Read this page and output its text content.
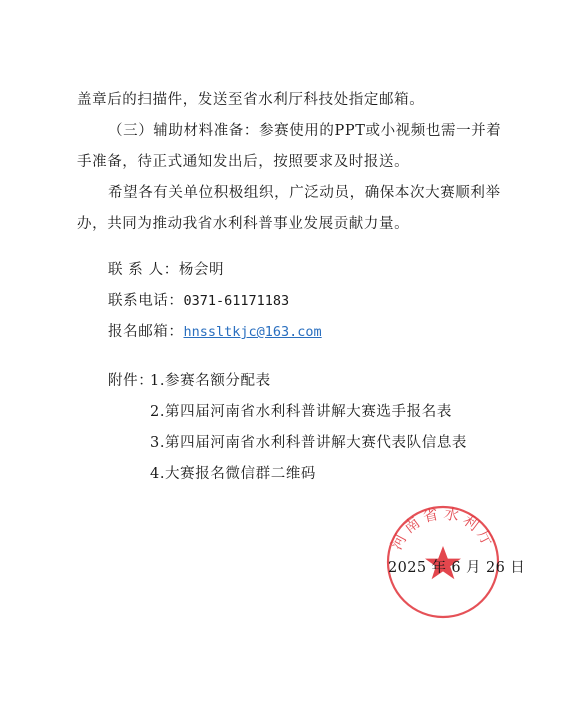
盖章后的扫描件，发送至省水利厅科技处指定邮箱。
（三）辅助材料准备：参赛使用的PPT或小视频也需一并着
手准备，待正式通知发出后，按照要求及时报送。
希望各有关单位积极组织，广泛动员，确保本次大赛顺利举
办，共同为推动我省水利科普事业发展贡献力量。
联 系 人：杨会明
联系电话：0371-61171183
报名邮箱：hnssltkjc@163.com
附件：
1.参赛名额分配表
2.第四届河南省水利科普讲解大赛选手报名表
3.第四届河南省水利科普讲解大赛代表队信息表
4.大赛报名微信群二维码
河南省水利厅
2025 年 6 月 26 日
